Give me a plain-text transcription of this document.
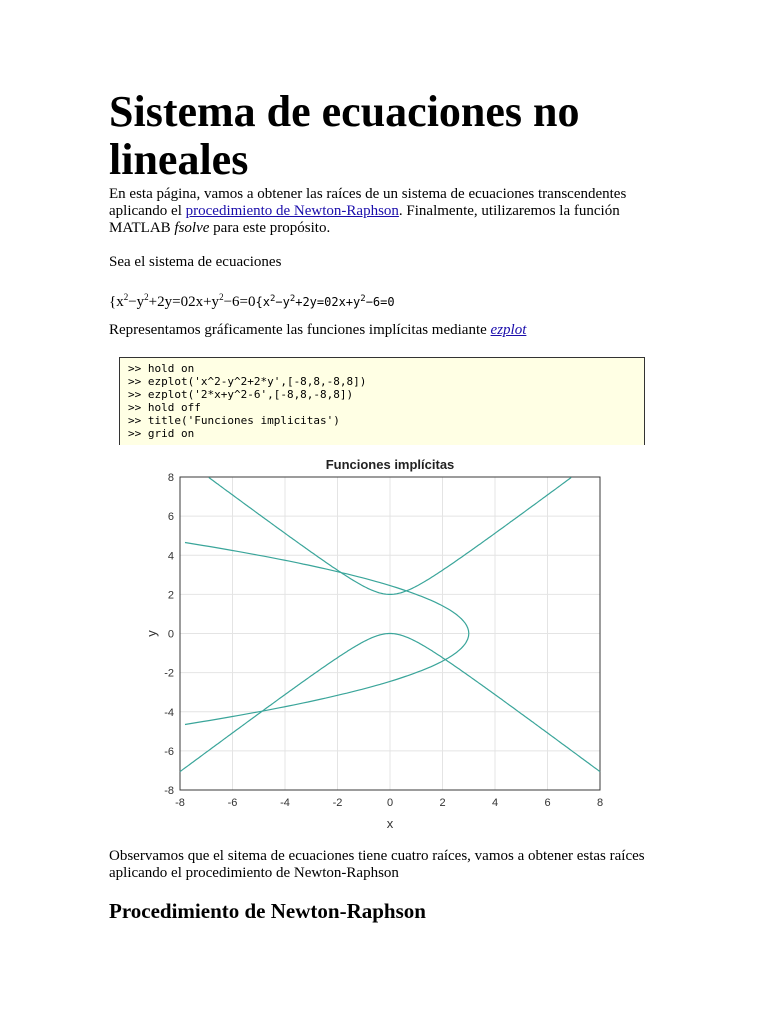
Sistema de ecuaciones no lineales

En esta página, vamos a obtener las raíces de un sistema de ecuaciones transcendentes aplicando el procedimiento de Newton-Raphson. Finalmente, utilizaremos la función MATLAB fsolve para este propósito.

Sea el sistema de ecuaciones

{$x^2-y^2+2y=02x+y^2-6=0\{x^2-y^2+2y=02x+y^2-6=0$

Representamos gráficamente las funciones implícitas mediante ezplot

>> hold on
>> ezplot('x^2-y^2+2*y',[-8,8,-8,8])
>> ezplot('2*x+y^2-6',[-8,8,-8,8])
>> hold off
>> title('Funciones implicitas')
>> grid on
-8	-6	-4	-2	0	2	4	6	8
-8
-6
-4
-2
0
2
4
6
8
Funciones implícitas
x
y

Observamos que el sitema de ecuaciones tiene cuatro raíces, vamos a obtener estas raíces aplicando el procedimiento de Newton-Raphson

Procedimiento de Newton-Raphson
